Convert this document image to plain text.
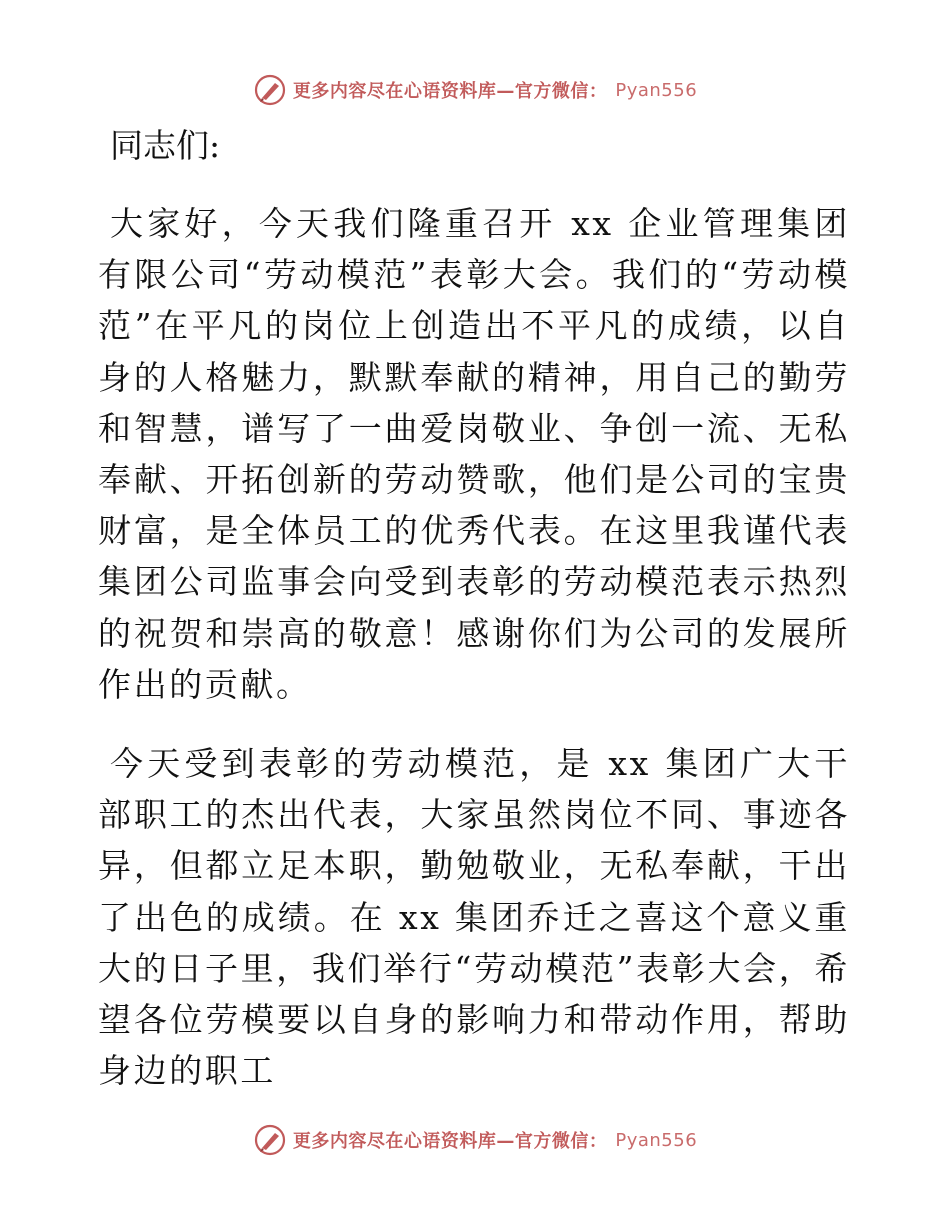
更多内容尽在心语资料库—官方微信： Pyan556

同志们:

大家好，今天我们隆重召开 xx 企业管理集团有限公司“劳动模范”表彰大会。我们的“劳动模范”在平凡的岗位上创造出不平凡的成绩，以自身的人格魅力，默默奉献的精神，用自己的勤劳和智慧，谱写了一曲爱岗敬业、争创一流、无私奉献、开拓创新的劳动赞歌，他们是公司的宝贵财富，是全体员工的优秀代表。在这里我谨代表集团公司监事会向受到表彰的劳动模范表示热烈的祝贺和崇高的敬意！感谢你们为公司的发展所作出的贡献。

今天受到表彰的劳动模范，是 xx 集团广大干部职工的杰出代表，大家虽然岗位不同、事迹各异，但都立足本职，勤勉敬业，无私奉献，干出了出色的成绩。在 xx 集团乔迁之喜这个意义重大的日子里，我们举行“劳动模范”表彰大会，希望各位劳模要以自身的影响力和带动作用，帮助身边的职工

更多内容尽在心语资料库—官方微信： Pyan556
